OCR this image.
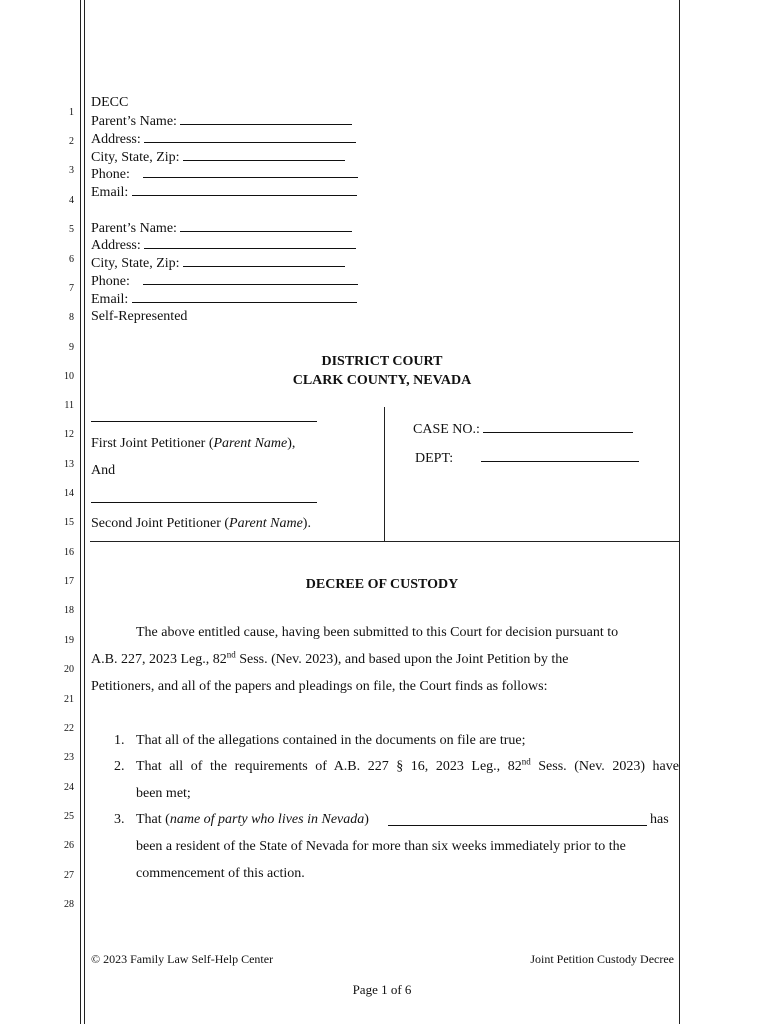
1
2
3
4
5
6
7
8
9
10
11
12
13
14
15
16
17
18
19
20
21
22
23
24
25
26
27
28
DECC
Parent’s Name:
Address:
City, State, Zip:
Phone:
Email:
Parent’s Name:
Address:
City, State, Zip:
Phone:
Email:
Self-Represented
DISTRICT COURT
CLARK COUNTY, NEVADA
First Joint Petitioner (Parent Name),
And
Second Joint Petitioner (Parent Name).
CASE NO.:
DEPT:
DECREE OF CUSTODY
The above entitled cause, having been submitted to this Court for decision pursuant to
A.B. 227, 2023 Leg., 82nd Sess. (Nev. 2023), and based upon the Joint Petition by the
Petitioners, and all of the papers and pleadings on file, the Court finds as follows:
1. That all of the allegations contained in the documents on file are true;
2. That all of the requirements of A.B. 227 § 16, 2023 Leg., 82nd Sess. (Nev. 2023) have
been met;
3. That (name of party who lives in Nevada)	has
been a resident of the State of Nevada for more than six weeks immediately prior to the
commencement of this action.
© 2023 Family Law Self-Help Center	Joint Petition Custody Decree
Page 1 of 6
